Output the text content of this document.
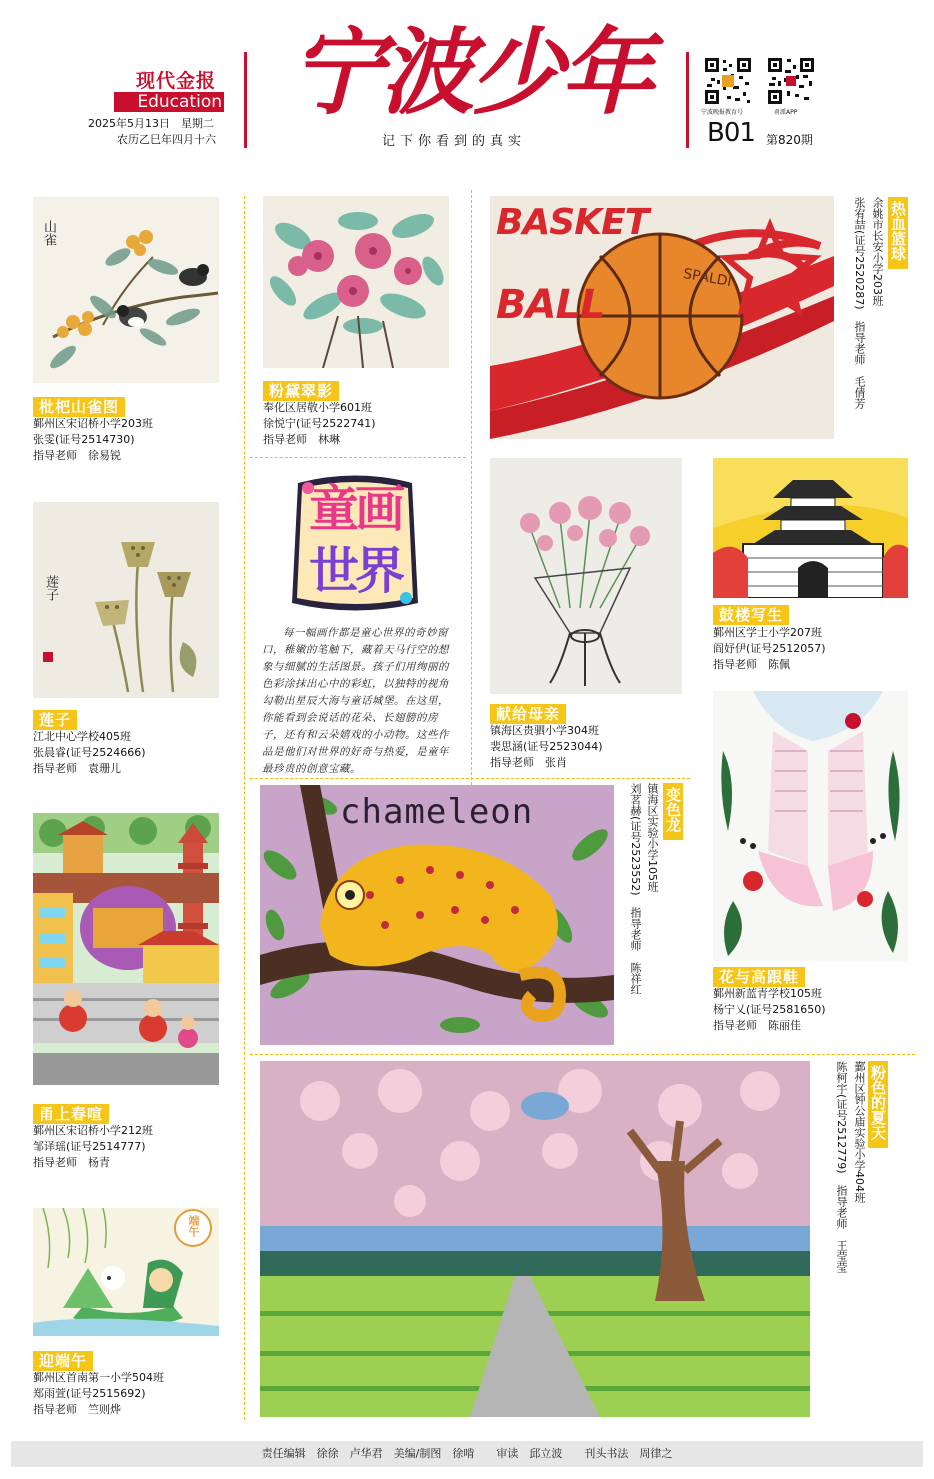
现代金报
Education
2025年5月13日　星期二
农历乙巳年四月十六
宁波少年
记下你看到的真实
宁波晚报教育号	甬派APP
B01 第820期
山雀
枇杷山雀图
鄞州区宋诏桥小学203班
张雯(证号2514730)
指导老师　徐易锐
莲子
莲子
江北中心学校405班
张晨睿(证号2524666)
指导老师　袁珊儿
甬上春喧
鄞州区宋诏桥小学212班
邹译瑶(证号2514777)
指导老师　杨青
端午
迎端午
鄞州区首南第一小学504班
郑雨萱(证号2515692)
指导老师　竺则烨
粉黛翠影
奉化区居敬小学601班
徐悦宁(证号2522741)
指导老师　林琳
童画
世界
每一幅画作都是童心世界的奇妙窗口，稚嫩的笔触下，藏着天马行空的想象与细腻的生活图景。孩子们用绚丽的色彩涂抹出心中的彩虹，以独特的视角勾勒出星辰大海与童话城堡。在这里，你能看到会说话的花朵、长翅膀的房子，还有和云朵嬉戏的小动物。这些作品是他们对世界的好奇与热爱，是童年最珍贵的创意宝藏。
BASKET
BALL
SPALDI
热血篮球
余姚市长安小学203班
张宥喆(证号2520287)　指导老师　毛倩芳
献给母亲
镇海区贵驷小学304班
裴思涵(证号2523044)
指导老师　张肖
鼓楼写生
鄞州区学士小学207班
阎妤伊(证号2512057)
指导老师　陈佩
chameleon	变色龙
镇海区实验小学105班
刘茗赫(证号2523552)　指导老师　陈祥红	花与高跟鞋
鄞州新蓝青学校105班
杨宁乂(证号2581650)
指导老师　陈丽佳
粉色的夏天
鄞州区钟公庙实验小学404班
陈柯宇(证号2512779)　指导老师　王莹莹
责任编辑　徐徐　卢华君　美编/制图　徐啃　　审读　邱立波　　刊头书法　周律之
